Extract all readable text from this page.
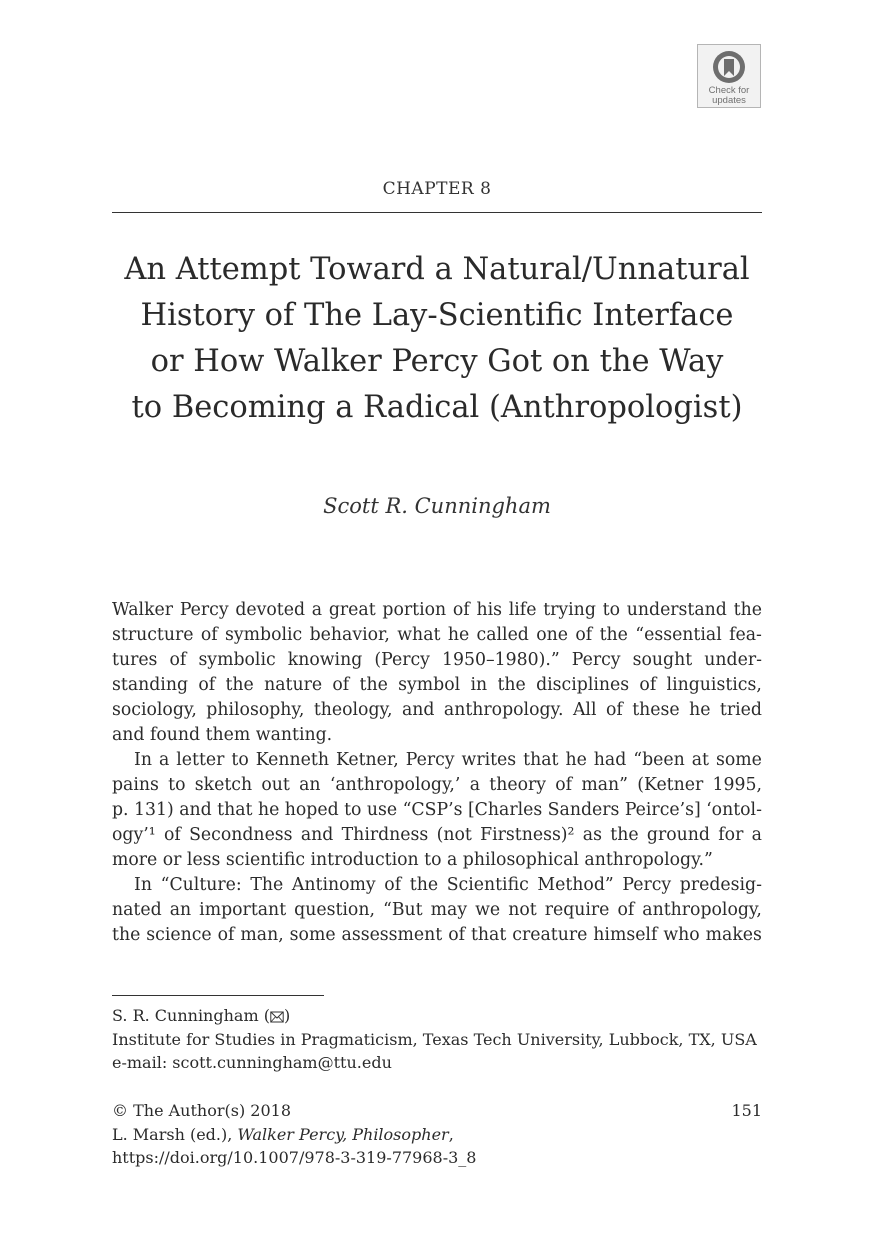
Check for
updates
CHAPTER 8
An Attempt Toward a Natural/Unnatural
History of The Lay-Scientific Interface
or How Walker Percy Got on the Way
to Becoming a Radical (Anthropologist)
Scott R. Cunningham
Walker Percy devoted a great portion of his life trying to understand the
structure of symbolic behavior, what he called one of the “essential fea-
tures of symbolic knowing (Percy 1950–1980).” Percy sought under-
standing of the nature of the symbol in the disciplines of linguistics,
sociology, philosophy, theology, and anthropology. All of these he tried
and found them wanting.
In a letter to Kenneth Ketner, Percy writes that he had “been at some
pains to sketch out an ‘anthropology,’ a theory of man” (Ketner 1995,
p. 131) and that he hoped to use “CSP’s [Charles Sanders Peirce’s] ‘ontol-
ogy’¹ of Secondness and Thirdness (not Firstness)² as the ground for a
more or less scientific introduction to a philosophical anthropology.”
In “Culture: The Antinomy of the Scientific Method” Percy predesig-
nated an important question, “But may we not require of anthropology,
the science of man, some assessment of that creature himself who makes
S. R. Cunningham ( )
Institute for Studies in Pragmaticism, Texas Tech University, Lubbock, TX, USA
e-mail: scott.cunningham@ttu.edu
© The Author(s) 2018
L. Marsh (ed.), Walker Percy, Philosopher,
https://doi.org/10.1007/978-3-319-77968-3_8
151
